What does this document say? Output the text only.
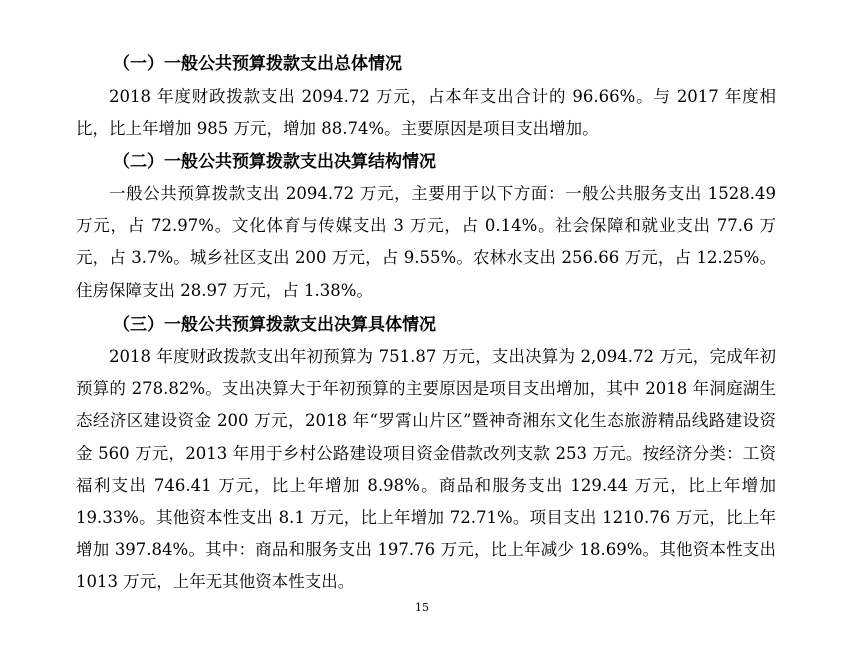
（一）一般公共预算拨款支出总体情况
2018 年度财政拨款支出 2094.72 万元，占本年支出合计的 96.66%。与 2017 年度相比，比上年增加 985 万元，增加 88.74%。主要原因是项目支出增加。
（二）一般公共预算拨款支出决算结构情况
一般公共预算拨款支出 2094.72 万元，主要用于以下方面：一般公共服务支出 1528.49 万元，占 72.97%。文化体育与传媒支出 3 万元，占 0.14%。社会保障和就业支出 77.6 万元，占 3.7%。城乡社区支出 200 万元，占 9.55%。农林水支出 256.66 万元，占 12.25%。住房保障支出 28.97 万元，占 1.38%。
（三）一般公共预算拨款支出决算具体情况
2018 年度财政拨款支出年初预算为 751.87 万元，支出决算为 2,094.72 万元，完成年初预算的 278.82%。支出决算大于年初预算的主要原因是项目支出增加，其中 2018 年洞庭湖生态经济区建设资金 200 万元，2018 年“罗霄山片区”暨神奇湘东文化生态旅游精品线路建设资金 560 万元，2013 年用于乡村公路建设项目资金借款改列支款 253 万元。按经济分类：工资福利支出 746.41 万元，比上年增加 8.98%。商品和服务支出 129.44 万元，比上年增加 19.33%。其他资本性支出 8.1 万元，比上年增加 72.71%。项目支出 1210.76 万元，比上年增加 397.84%。其中：商品和服务支出 197.76 万元，比上年减少 18.69%。其他资本性支出 1013 万元，上年无其他资本性支出。
15
